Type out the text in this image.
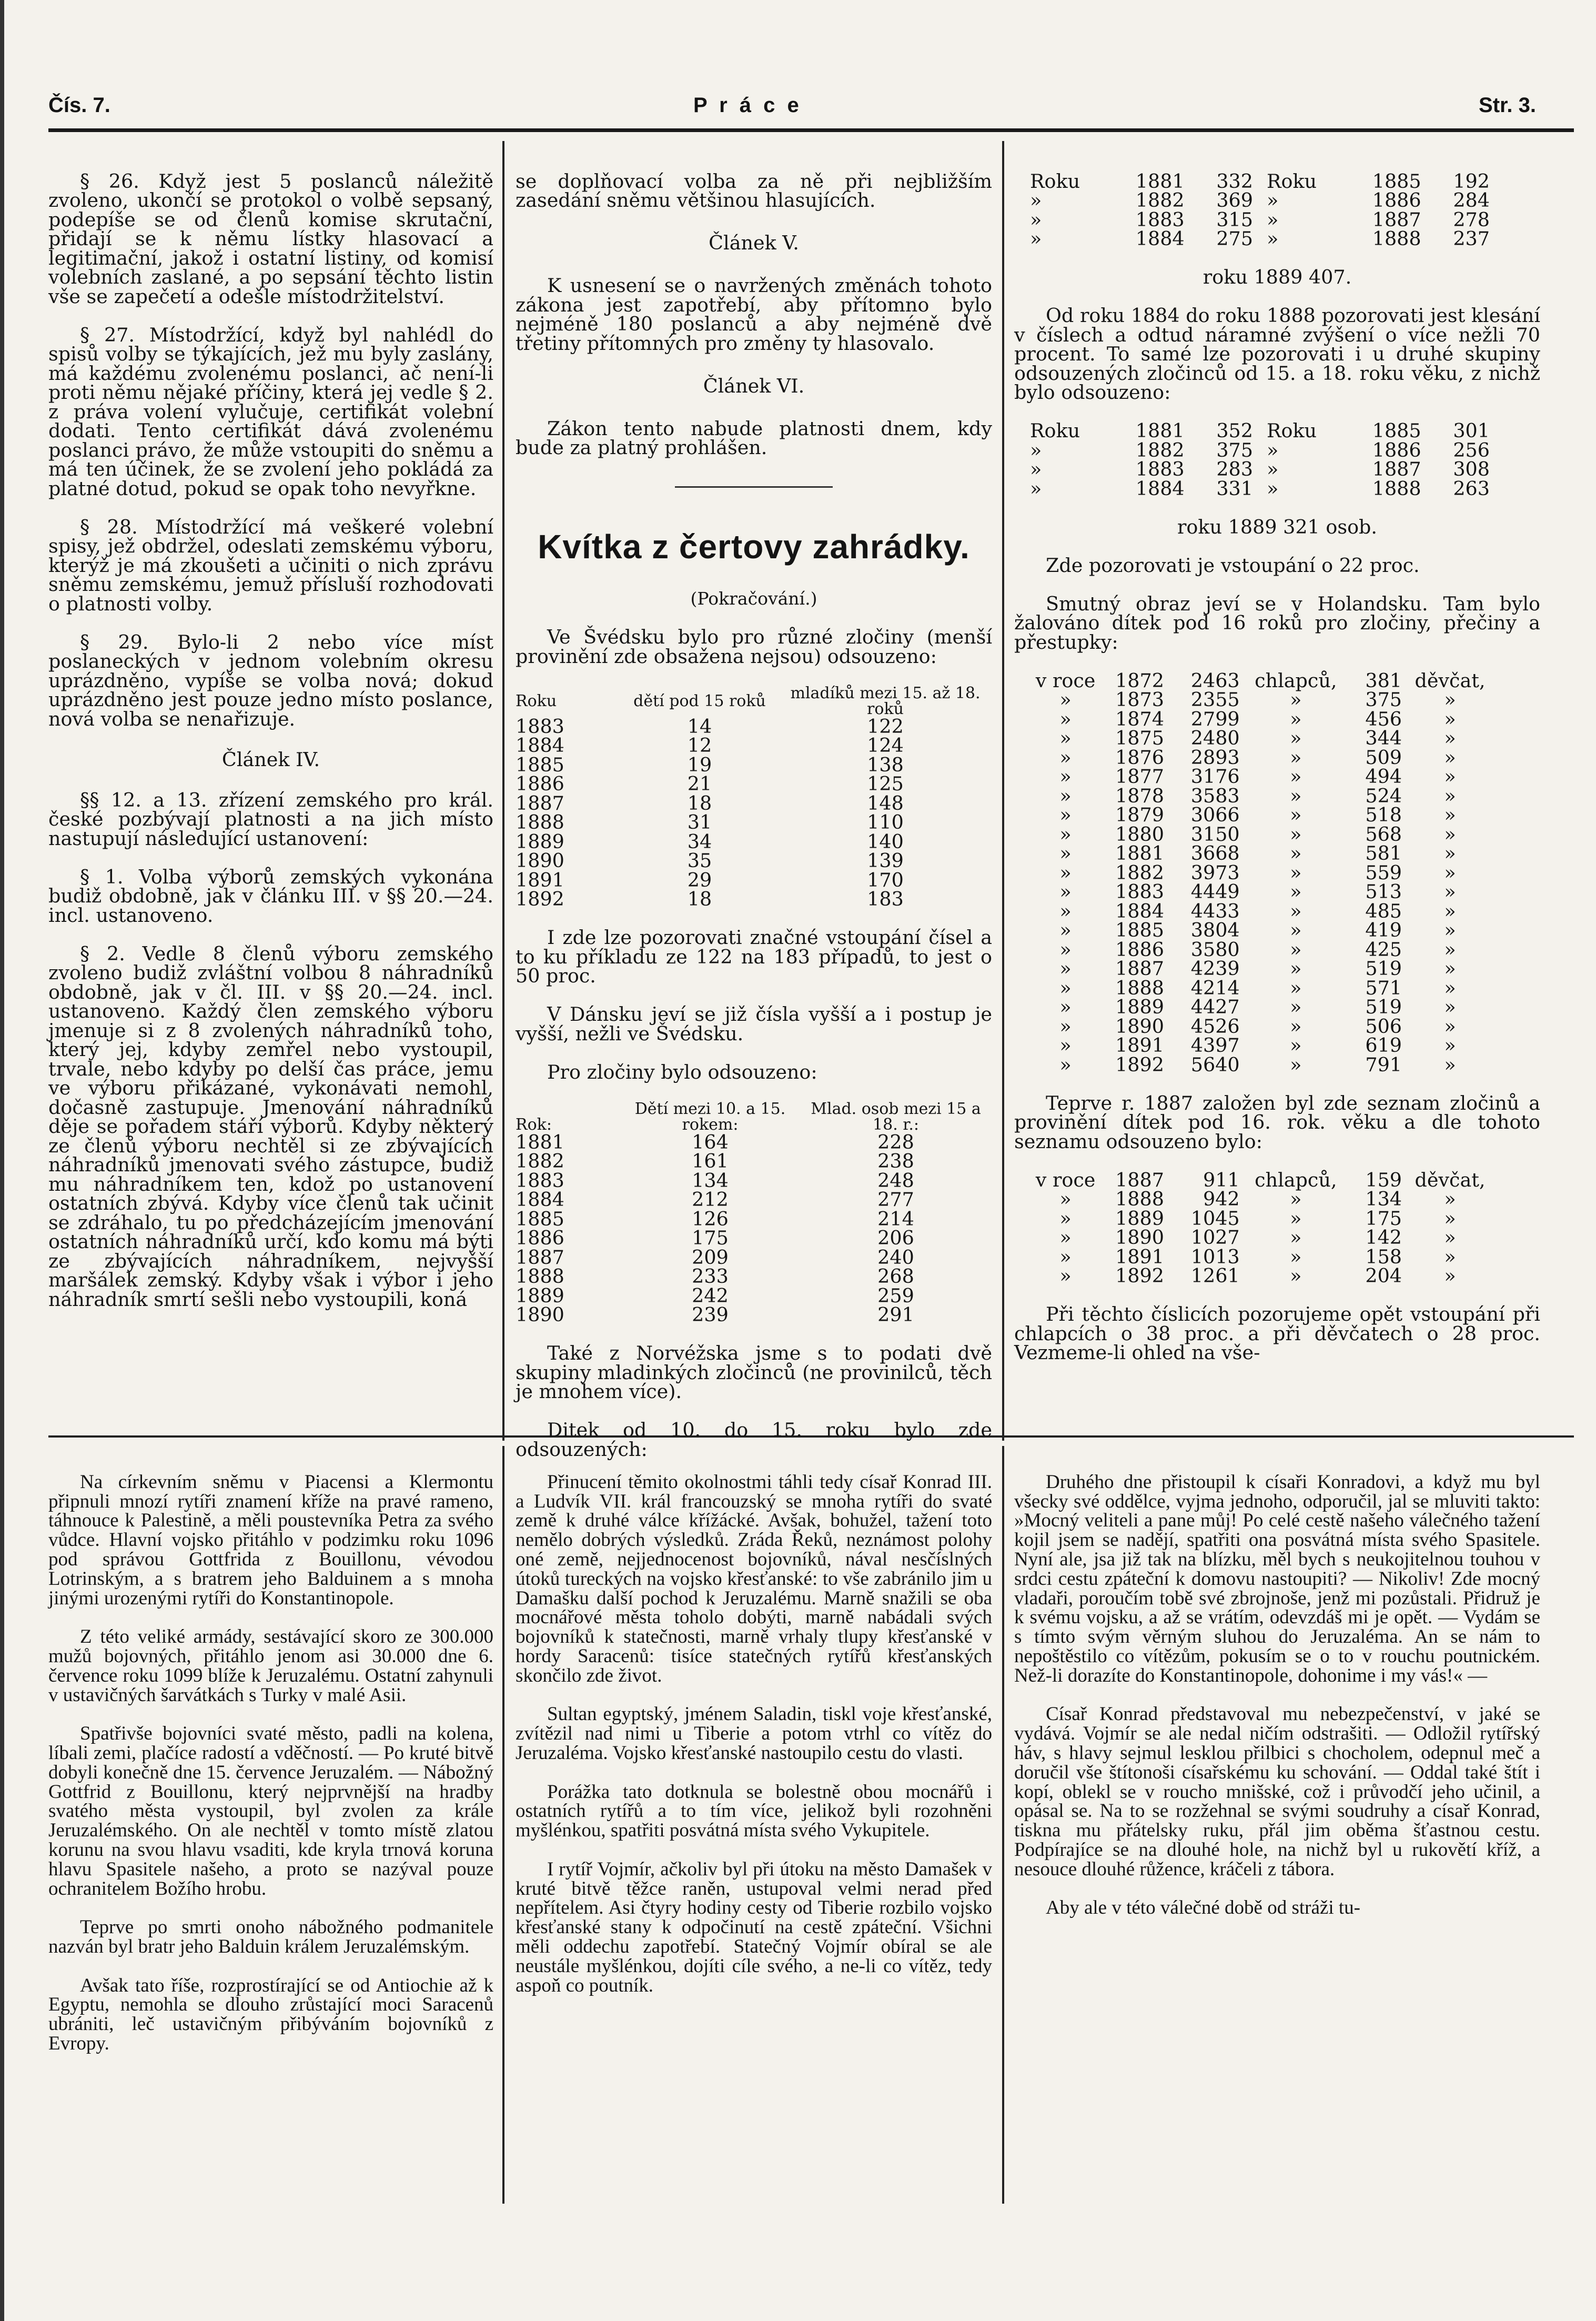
Čís. 7.	P r á c e	Str. 3.

§ 26. Když jest 5 poslanců náležitě zvoleno, ukončí se protokol o volbě sepsaný, podepíše se od členů komise skrutační, přidají se k němu lístky hlasovací a legitimační, jakož i ostatní listiny, od komisí volebních zaslané, a po sepsání těchto listin vše se zapečetí a odešle místodržitelství.

§ 27. Místodržící, když byl nahlédl do spisů volby se týkajících, jež mu byly zaslány, má každému zvolenému poslanci, ač není-li proti němu nějaké příčiny, která jej vedle § 2. z práva volení vylučuje, certifikát volební dodati. Tento certifikát dává zvolenému poslanci právo, že může vstoupiti do sněmu a má ten účinek, že se zvolení jeho pokládá za platné dotud, pokud se opak toho nevyřkne.

§ 28. Místodržící má veškeré volební spisy, jež obdržel, odeslati zemskému výboru, kterýž je má zkoušeti a učiniti o nich zprávu sněmu zemskému, jemuž přísluší rozhodovati o platnosti volby.

§ 29. Bylo-li 2 nebo více míst poslaneckých v jednom volebním okresu uprázdněno, vypíše se volba nová; dokud uprázdněno jest pouze jedno místo poslance, nová volba se nenařizuje.

Článek IV.

§§ 12. a 13. zřízení zemského pro král. české pozbývají platnosti a na jich místo nastupují následující ustanovení:

§ 1. Volba výborů zemských vykonána budiž obdobně, jak v článku III. v §§ 20.—24. incl. ustanoveno.

§ 2. Vedle 8 členů výboru zemského zvoleno budiž zvláštní volbou 8 náhradníků obdobně, jak v čl. III. v §§ 20.—24. incl. ustanoveno. Každý člen zemského výboru jmenuje si z 8 zvolených náhradníků toho, který jej, kdyby zemřel nebo vystoupil, trvale, nebo kdyby po delší čas práce, jemu ve výboru přikázané, vykonávati nemohl, dočasně zastupuje. Jmenování náhradníků děje se pořadem stáří výborů. Kdyby některý ze členů výboru nechtěl si ze zbývajících náhradníků jmenovati svého zástupce, budiž mu náhradníkem ten, kdož po ustanovení ostatních zbývá. Kdyby více členů tak učinit se zdráhalo, tu po předcházejícím jmenování ostatních náhradníků určí, kdo komu má býti ze zbývajících náhradníkem, nejvyšší maršálek zemský. Kdyby však i výbor i jeho náhradník smrtí sešli nebo vystoupili, koná

se doplňovací volba za ně při nejbližším zasedání sněmu většinou hlasujících.

Článek V.

K usnesení se o navržených změnách tohoto zákona jest zapotřebí, aby přítomno bylo nejméně 180 poslanců a aby nejméně dvě třetiny přítomných pro změny ty hlasovalo.

Článek VI.

Zákon tento nabude platnosti dnem, kdy bude za platný prohlášen.

Kvítka z čertovy zahrádky.

(Pokračování.)

Ve Švédsku bylo pro různé zločiny (menší provinění zde obsažena nejsou) odsouzeno:

Roku	dětí pod 15 roků	mladíků mezi 15. až 18. roků
1883	14	122
1884	12	124
1885	19	138
1886	21	125
1887	18	148
1888	31	110
1889	34	140
1890	35	139
1891	29	170
1892	18	183

I zde lze pozorovati značné vstoupání čísel a to ku příkladu ze 122 na 183 případů, to jest o 50 proc.

V Dánsku jeví se již čísla vyšší a i postup je vyšší, nežli ve Švédsku.

Pro zločiny bylo odsouzeno:

Rok:	Dětí mezi 10. a 15. rokem:	Mlad. osob mezi 15 a 18. r.:
1881	164	228
1882	161	238
1883	134	248
1884	212	277
1885	126	214
1886	175	206
1887	209	240
1888	233	268
1889	242	259
1890	239	291

Také z Norvéžska jsme s to podati dvě skupiny mladinkých zločinců (ne provinilců, těch je mnohem více).

Ditek od 10. do 15. roku bylo zde odsouzených:

Roku	1881	332	Roku	1885	192
»	1882	369	»	1886	284
»	1883	315	»	1887	278
»	1884	275	»	1888	237

roku 1889 407.

Od roku 1884 do roku 1888 pozorovati jest klesání v číslech a odtud náramné zvýšení o více nežli 70 procent. To samé lze pozorovati i u druhé skupiny odsouzených zločinců od 15. a 18. roku věku, z nichž bylo odsouzeno:

Roku	1881	352	Roku	1885	301
»	1882	375	»	1886	256
»	1883	283	»	1887	308
»	1884	331	»	1888	263

roku 1889 321 osob.

Zde pozorovati je vstoupání o 22 proc.

Smutný obraz jeví se v Holandsku. Tam bylo žalováno dítek pod 16 roků pro zločiny, přečiny a přestupky:

v roce	1872	2463	chlapců,	381	děvčat,
»	1873	2355	»	375	»
»	1874	2799	»	456	»
»	1875	2480	»	344	»
»	1876	2893	»	509	»
»	1877	3176	»	494	»
»	1878	3583	»	524	»
»	1879	3066	»	518	»
»	1880	3150	»	568	»
»	1881	3668	»	581	»
»	1882	3973	»	559	»
»	1883	4449	»	513	»
»	1884	4433	»	485	»
»	1885	3804	»	419	»
»	1886	3580	»	425	»
»	1887	4239	»	519	»
»	1888	4214	»	571	»
»	1889	4427	»	519	»
»	1890	4526	»	506	»
»	1891	4397	»	619	»
»	1892	5640	»	791	»

Teprve r. 1887 založen byl zde seznam zločinů a provinění dítek pod 16. rok. věku a dle tohoto seznamu odsouzeno bylo:

v roce	1887	911	chlapců,	159	děvčat,
»	1888	942	»	134	»
»	1889	1045	»	175	»
»	1890	1027	»	142	»
»	1891	1013	»	158	»
»	1892	1261	»	204	»

Při těchto číslicích pozorujeme opět vstoupání při chlapcích o 38 proc. a při děvčatech o 28 proc. Vezmeme-li ohled na vše-

Na církevním sněmu v Piacensi a Klermontu připnuli mnozí rytíři znamení kříže na pravé rameno, táhnouce k Palestině, a měli poustevníka Petra za svého vůdce. Hlavní vojsko přitáhlo v podzimku roku 1096 pod správou Gottfrida z Bouillonu, vévodou Lotrinským, a s bratrem jeho Balduinem a s mnoha jinými urozenými rytíři do Konstantinopole.

Z této veliké armády, sestávající skoro ze 300.000 mužů bojovných, přitáhlo jenom asi 30.000 dne 6. července roku 1099 blíže k Jeruzalému. Ostatní zahynuli v ustavičných šarvátkách s Turky v malé Asii.

Spatřivše bojovníci svaté město, padli na kolena, líbali zemi, plačíce radostí a vděčností. — Po kruté bitvě dobyli konečně dne 15. července Jeruzalém. — Nábožný Gottfrid z Bouillonu, který nejprvnější na hradby svatého města vystoupil, byl zvolen za krále Jeruzalémského. On ale nechtěl v tomto místě zlatou korunu na svou hlavu vsaditi, kde kryla trnová koruna hlavu Spasitele našeho, a proto se nazýval pouze ochranitelem Božího hrobu.

Teprve po smrti onoho nábožného podmanitele nazván byl bratr jeho Balduin králem Jeruzalémským.

Avšak tato říše, rozprostírající se od Antiochie až k Egyptu, nemohla se dlouho zrůstající moci Saracenů ubrániti, leč ustavičným přibýváním bojovníků z Evropy.

Přinucení těmito okolnostmi táhli tedy císař Konrad III. a Ludvík VII. král francouzský se mnoha rytíři do svaté země k druhé válce křížácké. Avšak, bohužel, tažení toto nemělo dobrých výsledků. Zráda Řeků, neznámost polohy oné země, nejjednocenost bojovníků, nával nesčíslných útoků tureckých na vojsko křesťanské: to vše zabránilo jim u Damašku další pochod k Jeruzalému. Marně snažili se oba mocnářové města toholo dobýti, marně nabádali svých bojovníků k statečnosti, marně vrhaly tlupy křesťanské v hordy Saracenů: tisíce statečných rytířů křesťanských skončilo zde život.

Sultan egyptský, jménem Saladin, tiskl voje křesťanské, zvítězil nad nimi u Tiberie a potom vtrhl co vítěz do Jeruzaléma. Vojsko křesťanské nastoupilo cestu do vlasti.

Porážka tato dotknula se bolestně obou mocnářů i ostatních rytířů a to tím více, jelikož byli rozohněni myšlénkou, spatřiti posvátná místa svého Vykupitele.

I rytíř Vojmír, ačkoliv byl při útoku na město Damašek v kruté bitvě těžce raněn, ustupoval velmi nerad před nepřítelem. Asi čtyry hodiny cesty od Tiberie rozbilo vojsko křesťanské stany k odpočinutí na cestě zpáteční. Všichni měli oddechu zapotřebí. Statečný Vojmír obíral se ale neustále myšlénkou, dojíti cíle svého, a ne-li co vítěz, tedy aspoň co poutník.

Druhého dne přistoupil k císaři Konradovi, a když mu byl všecky své oddělce, vyjma jednoho, odporučil, jal se mluviti takto: »Mocný veliteli a pane můj! Po celé cestě našeho válečného tažení kojil jsem se nadějí, spatřiti ona posvátná místa svého Spasitele. Nyní ale, jsa již tak na blízku, měl bych s neukojitelnou touhou v srdci cestu zpáteční k domovu nastoupiti? — Nikoliv! Zde mocný vladaři, poroučím tobě své zbrojnoše, jenž mi pozůstali. Přidruž je k svému vojsku, a až se vrátím, odevzdáš mi je opět. — Vydám se s tímto svým věrným sluhou do Jeruzaléma. An se nám to nepoštěstilo co vítězům, pokusím se o to v rouchu poutnickém. Než-li dorazíte do Konstantinopole, dohonime i my vás!« —

Císař Konrad představoval mu nebezpečenství, v jaké se vydává. Vojmír se ale nedal ničím odstrašiti. — Odložil rytířský háv, s hlavy sejmul lesklou přilbici s chocholem, odepnul meč a doručil vše štítonoši císařskému ku schování. — Oddal také štít i kopí, oblekl se v roucho mnišské, což i průvodčí jeho učinil, a opásal se. Na to se rozžehnal se svými soudruhy a císař Konrad, tiskna mu přátelsky ruku, přál jim oběma šťastnou cestu. Podpírajíce se na dlouhé hole, na nichž byl u rukovětí kříž, a nesouce dlouhé růžence, kráčeli z tábora.

Aby ale v této válečné době od stráži tu-
